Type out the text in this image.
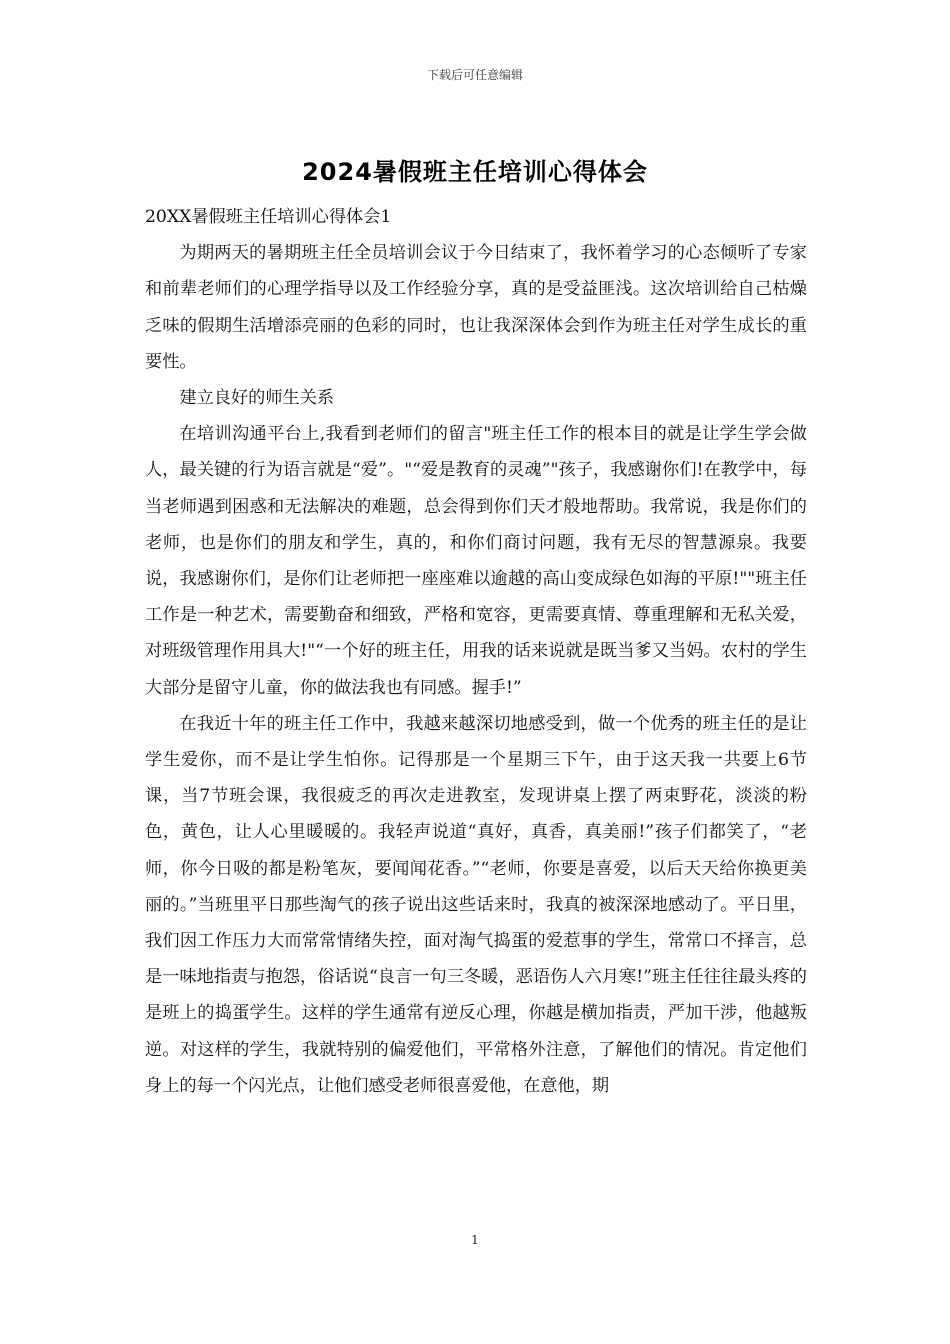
下载后可任意编辑
2024暑假班主任培训心得体会

20XX暑假班主任培训心得体会1

为期两天的暑期班主任全员培训会议于今日结束了，我怀着学习的心态倾听了专家和前辈老师们的心理学指导以及工作经验分享，真的是受益匪浅。这次培训给自己枯燥乏味的假期生活增添亮丽的色彩的同时，也让我深深体会到作为班主任对学生成长的重要性。

建立良好的师生关系

在培训沟通平台上,我看到老师们的留言"班主任工作的根本目的就是让学生学会做人，最关键的行为语言就是“爱”。"“爱是教育的灵魂”"孩子，我感谢你们!在教学中，每当老师遇到困惑和无法解决的难题，总会得到你们天才般地帮助。我常说，我是你们的老师，也是你们的朋友和学生，真的，和你们商讨问题，我有无尽的智慧源泉。我要说，我感谢你们，是你们让老师把一座座难以逾越的高山变成绿色如海的平原!""班主任工作是一种艺术，需要勤奋和细致，严格和宽容，更需要真情、尊重理解和无私关爱，对班级管理作用具大!"“一个好的班主任，用我的话来说就是既当爹又当妈。农村的学生大部分是留守儿童，你的做法我也有同感。握手!”

在我近十年的班主任工作中，我越来越深切地感受到，做一个优秀的班主任的是让学生爱你，而不是让学生怕你。记得那是一个星期三下午，由于这天我一共要上6节课，当7节班会课，我很疲乏的再次走进教室，发现讲桌上摆了两束野花，淡淡的粉色，黄色，让人心里暖暖的。我轻声说道“真好，真香，真美丽!”孩子们都笑了，“老师，你今日吸的都是粉笔灰，要闻闻花香。”“老师，你要是喜爱，以后天天给你换更美丽的。”当班里平日那些淘气的孩子说出这些话来时，我真的被深深地感动了。平日里，我们因工作压力大而常常情绪失控，面对淘气捣蛋的爱惹事的学生，常常口不择言，总是一味地指责与抱怨，俗话说“良言一句三冬暖，恶语伤人六月寒!”班主任往往最头疼的是班上的捣蛋学生。这样的学生通常有逆反心理，你越是横加指责，严加干涉，他越叛逆。对这样的学生，我就特别的偏爱他们，平常格外注意，了解他们的情况。肯定他们身上的每一个闪光点，让他们感受老师很喜爱他，在意他，期

1
